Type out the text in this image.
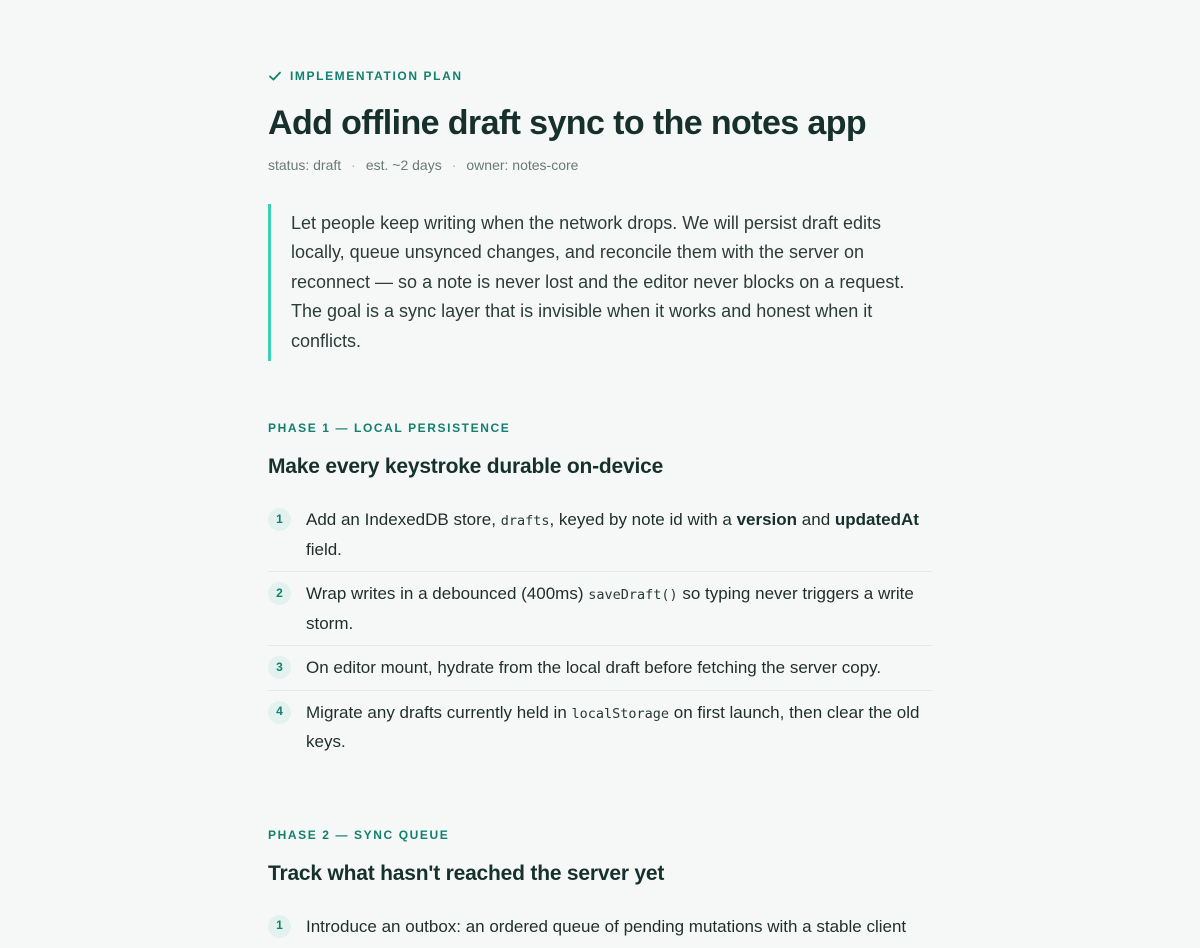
IMPLEMENTATION PLAN
Add offline draft sync to the notes app
status: draft · est. ~2 days · owner: notes-core
Let people keep writing when the network drops. We will persist draft edits locally, queue unsynced changes, and reconcile them with the server on reconnect — so a note is never lost and the editor never blocks on a request. The goal is a sync layer that is invisible when it works and honest when it conflicts.
PHASE 1 — LOCAL PERSISTENCE
Make every keystroke durable on-device
1	Add an IndexedDB store, drafts, keyed by note id with a version and updatedAt field.
2	Wrap writes in a debounced (400ms) saveDraft() so typing never triggers a write storm.
3	On editor mount, hydrate from the local draft before fetching the server copy.
4	Migrate any drafts currently held in localStorage on first launch, then clear the old keys.
PHASE 2 — SYNC QUEUE
Track what hasn't reached the server yet
1	Introduce an outbox: an ordered queue of pending mutations with a stable client
